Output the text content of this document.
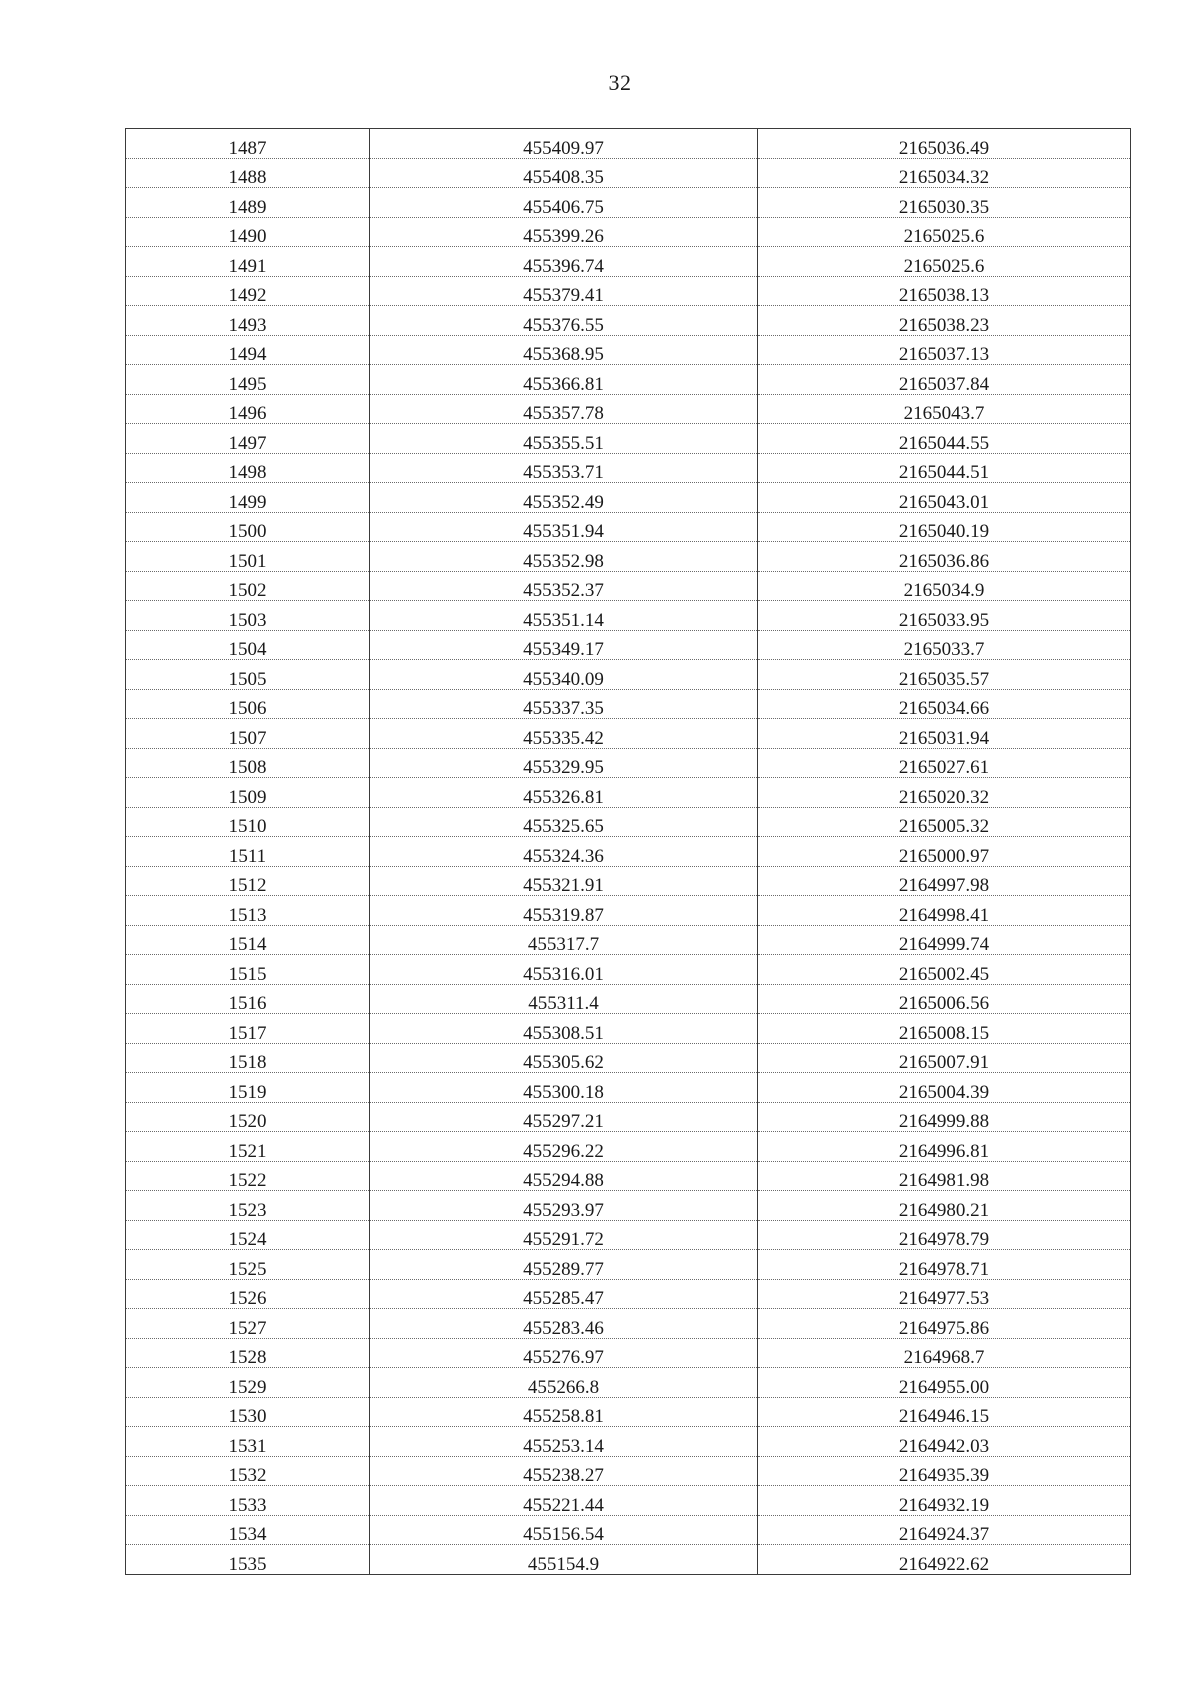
32
1487	455409.97	2165036.49
1488	455408.35	2165034.32
1489	455406.75	2165030.35
1490	455399.26	2165025.6
1491	455396.74	2165025.6
1492	455379.41	2165038.13
1493	455376.55	2165038.23
1494	455368.95	2165037.13
1495	455366.81	2165037.84
1496	455357.78	2165043.7
1497	455355.51	2165044.55
1498	455353.71	2165044.51
1499	455352.49	2165043.01
1500	455351.94	2165040.19
1501	455352.98	2165036.86
1502	455352.37	2165034.9
1503	455351.14	2165033.95
1504	455349.17	2165033.7
1505	455340.09	2165035.57
1506	455337.35	2165034.66
1507	455335.42	2165031.94
1508	455329.95	2165027.61
1509	455326.81	2165020.32
1510	455325.65	2165005.32
1511	455324.36	2165000.97
1512	455321.91	2164997.98
1513	455319.87	2164998.41
1514	455317.7	2164999.74
1515	455316.01	2165002.45
1516	455311.4	2165006.56
1517	455308.51	2165008.15
1518	455305.62	2165007.91
1519	455300.18	2165004.39
1520	455297.21	2164999.88
1521	455296.22	2164996.81
1522	455294.88	2164981.98
1523	455293.97	2164980.21
1524	455291.72	2164978.79
1525	455289.77	2164978.71
1526	455285.47	2164977.53
1527	455283.46	2164975.86
1528	455276.97	2164968.7
1529	455266.8	2164955.00
1530	455258.81	2164946.15
1531	455253.14	2164942.03
1532	455238.27	2164935.39
1533	455221.44	2164932.19
1534	455156.54	2164924.37
1535	455154.9	2164922.62
